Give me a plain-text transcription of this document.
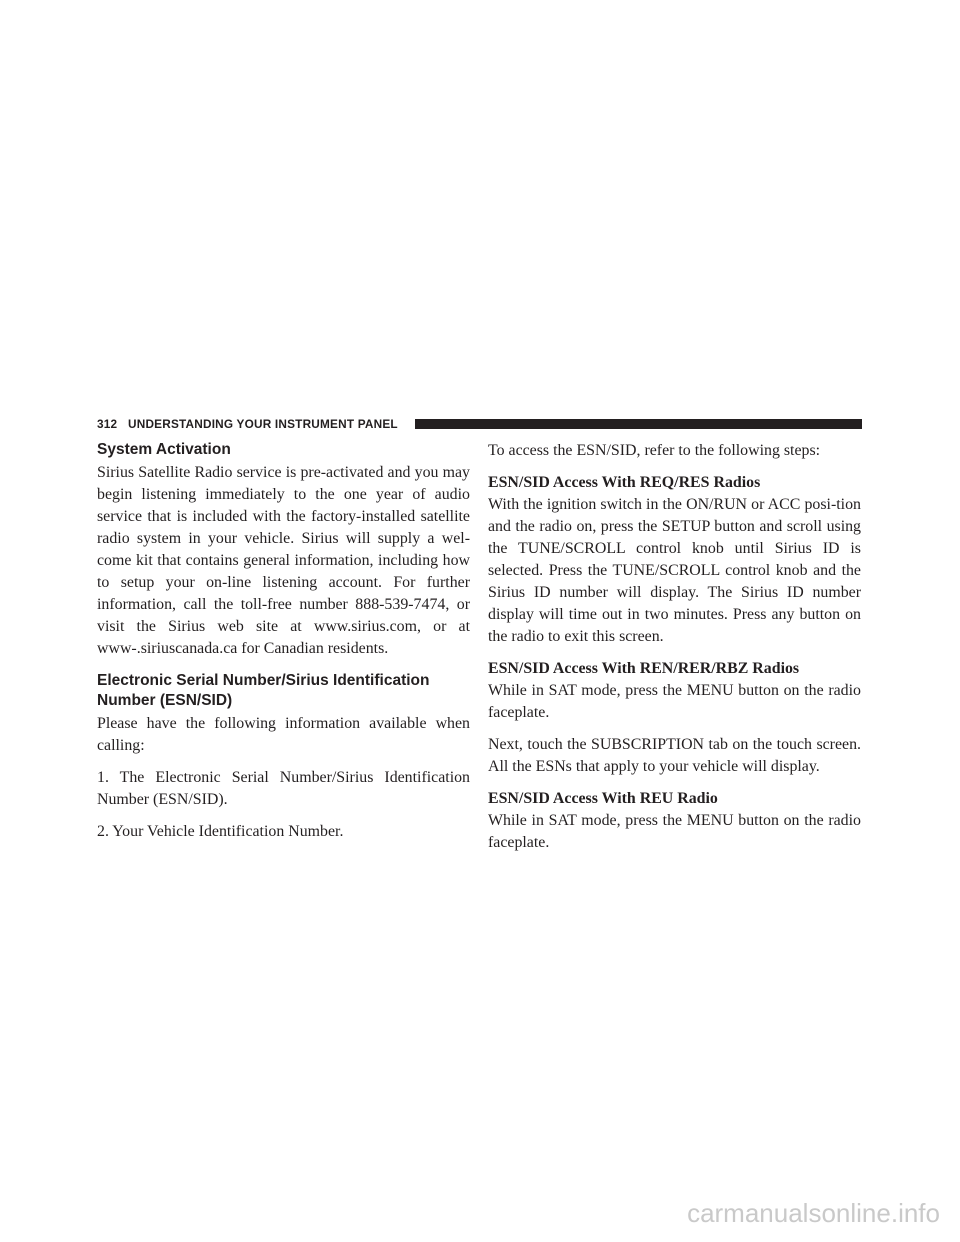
312 UNDERSTANDING YOUR INSTRUMENT PANEL
System Activation

Sirius Satellite Radio service is pre-activated and you may begin listening immediately to the one year of audio service that is included with the factory-installed satellite radio system in your vehicle. Sirius will supply a wel-come kit that contains general information, including how to setup your on-line listening account. For further information, call the toll-free number 888-539-7474, or visit the Sirius web site at www.sirius.com, or at www-.siriuscanada.ca for Canadian residents.

Electronic Serial Number/Sirius Identification
Number (ESN/SID)

Please have the following information available when calling:

1. The Electronic Serial Number/Sirius Identification Number (ESN/SID).

2. Your Vehicle Identification Number.

To access the ESN/SID, refer to the following steps:

ESN/SID Access With REQ/RES Radios

With the ignition switch in the ON/RUN or ACC posi-tion and the radio on, press the SETUP button and scroll using the TUNE/SCROLL control knob until Sirius ID is selected. Press the TUNE/SCROLL control knob and the Sirius ID number will display. The Sirius ID number display will time out in two minutes. Press any button on the radio to exit this screen.

ESN/SID Access With REN/RER/RBZ Radios

While in SAT mode, press the MENU button on the radio faceplate.

Next, touch the SUBSCRIPTION tab on the touch screen. All the ESNs that apply to your vehicle will display.

ESN/SID Access With REU Radio

While in SAT mode, press the MENU button on the radio faceplate.

carmanualsonline.info
